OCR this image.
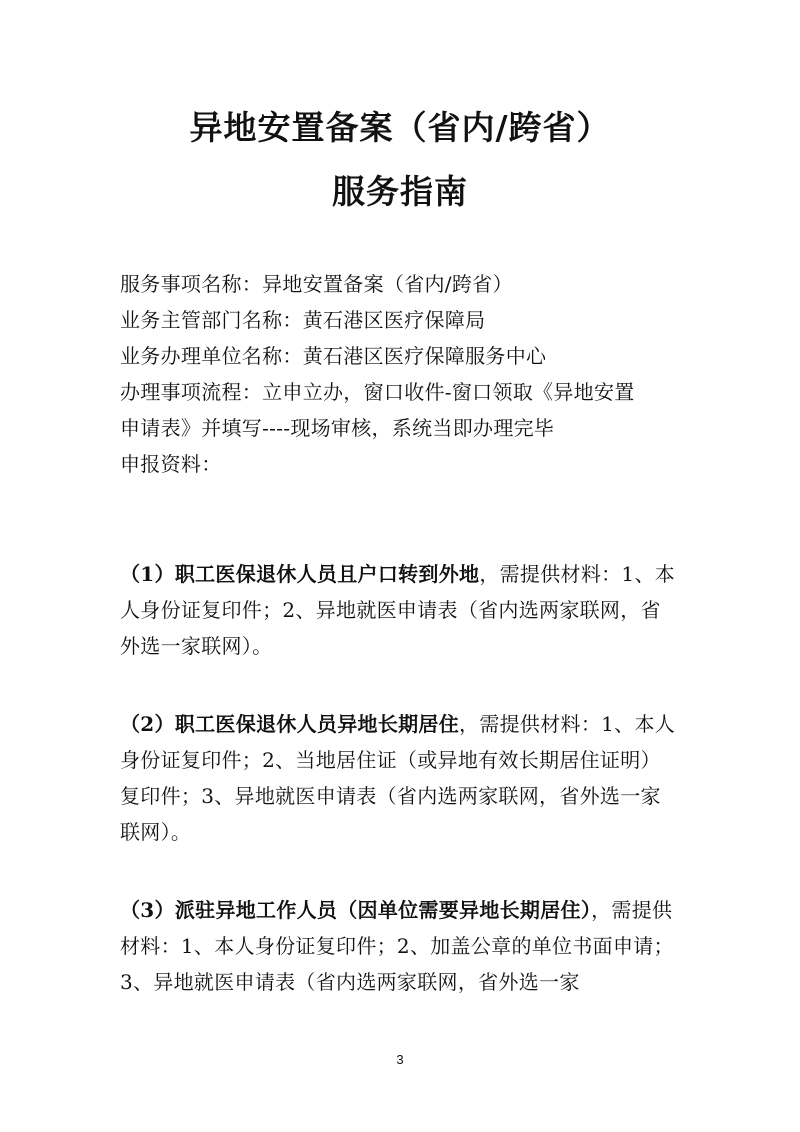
异地安置备案（省内/跨省）
服务指南

服务事项名称：异地安置备案（省内/跨省）

业务主管部门名称：黄石港区医疗保障局

业务办理单位名称：黄石港区医疗保障服务中心

办理事项流程：立申立办，窗口收件-窗口领取《异地安置

申请表》并填写----现场审核，系统当即办理完毕

申报资料：

（1）职工医保退休人员且户口转到外地，需提供材料：1、本人身份证复印件；2、异地就医申请表（省内选两家联网，省外选一家联网）。

（2）职工医保退休人员异地长期居住，需提供材料：1、本人身份证复印件；2、当地居住证（或异地有效长期居住证明）复印件；3、异地就医申请表（省内选两家联网，省外选一家联网）。

（3）派驻异地工作人员（因单位需要异地长期居住），需提供材料：1、本人身份证复印件；2、加盖公章的单位书面申请；3、异地就医申请表（省内选两家联网，省外选一家

3
